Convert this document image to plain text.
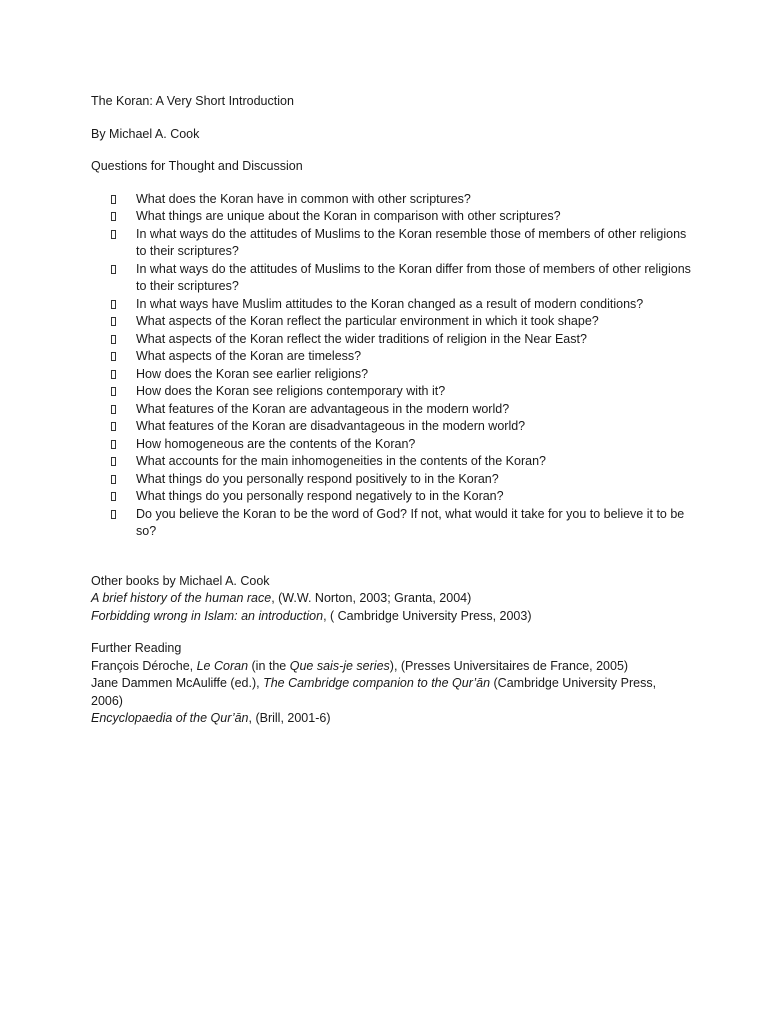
The Koran: A Very Short Introduction

By Michael A. Cook

Questions for Thought and Discussion

What does the Koran have in common with other scriptures?
What things are unique about the Koran in comparison with other scriptures?
In what ways do the attitudes of Muslims to the Koran resemble those of members of other religions to their scriptures?
In what ways do the attitudes of Muslims to the Koran differ from those of members of other religions to their scriptures?
In what ways have Muslim attitudes to the Koran changed as a result of modern conditions?
What aspects of the Koran reflect the particular environment in which it took shape?
What aspects of the Koran reflect the wider traditions of religion in the Near East?
What aspects of the Koran are timeless?
How does the Koran see earlier religions?
How does the Koran see religions contemporary with it?
What features of the Koran are advantageous in the modern world?
What features of the Koran are disadvantageous in the modern world?
How homogeneous are the contents of the Koran?
What accounts for the main inhomogeneities in the contents of the Koran?
What things do you personally respond positively to in the Koran?
What things do you personally respond negatively to in the Koran?
Do you believe the Koran to be the word of God? If not, what would it take for you to believe it to be so?
Other books by Michael A. Cook
A brief history of the human race, (W.W. Norton, 2003; Granta, 2004)
Forbidding wrong in Islam: an introduction, ( Cambridge University Press, 2003)
Further Reading
François Déroche, Le Coran (in the Que sais-je series), (Presses Universitaires de France, 2005)
Jane Dammen McAuliffe (ed.), The Cambridge companion to the Qur’ān (Cambridge University Press, 2006)
Encyclopaedia of the Qur’ān, (Brill, 2001-6)
